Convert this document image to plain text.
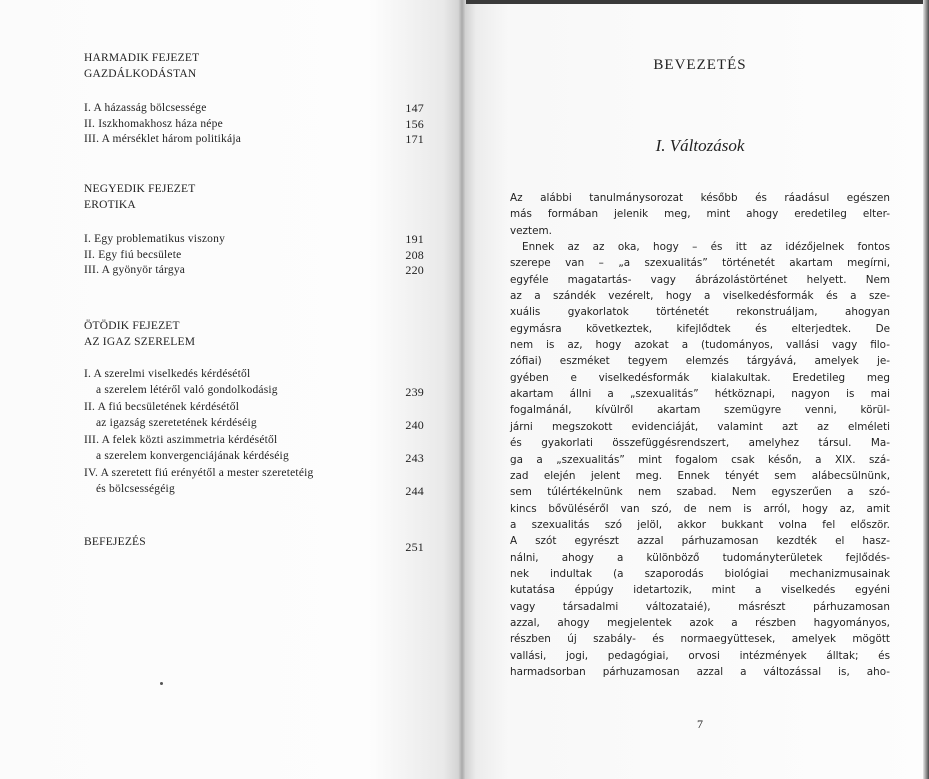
HARMADIK FEJEZET
GAZDÁLKODÁSTAN
I. A házasság bölcsessége	147
II. Iszkhomakhosz háza népe	156
III. A mérséklet három politikája	171
NEGYEDIK FEJEZET
EROTIKA
I. Egy problematikus viszony	191
II. Egy fiú becsülete	208
III. A gyönyör tárgya	220
ÖTÖDIK FEJEZET
AZ IGAZ SZERELEM
I. A szerelmi viselkedés kérdésétől
a szerelem létéről való gondolkodásig	239
II. A fiú becsületének kérdésétől
az igazság szeretetének kérdéséig	240
III. A felek közti aszimmetria kérdésétől
a szerelem konvergenciájának kérdéséig	243
IV. A szeretett fiú erényétől a mester szeretetéig
és bölcsességéig	244
BEFEJEZÉS	251
BEVEZETÉS
I. Változások
Az alábbi tanulmánysorozat később és ráadásul egészen
más formában jelenik meg, mint ahogy eredetileg elter-
veztem.
Ennek az az oka, hogy – és itt az idézőjelnek fontos
szerepe van – „a szexualitás” történetét akartam megírni,
egyféle magatartás- vagy ábrázolástörténet helyett. Nem
az a szándék vezérelt, hogy a viselkedésformák és a sze-
xuális gyakorlatok történetét rekonstruáljam, ahogyan
egymásra következtek, kifejlődtek és elterjedtek. De
nem is az, hogy azokat a (tudományos, vallási vagy filo-
zófiai) eszméket tegyem elemzés tárgyává, amelyek je-
gyében e viselkedésformák kialakultak. Eredetileg meg
akartam állni a „szexualitás” hétköznapi, nagyon is mai
fogalmánál, kívülről akartam szemügyre venni, körül-
járni megszokott evidenciáját, valamint azt az elméleti
és gyakorlati összefüggésrendszert, amelyhez társul. Ma-
ga a „szexualitás” mint fogalom csak későn, a XIX. szá-
zad elején jelent meg. Ennek tényét sem alábecsülnünk,
sem túlértékelnünk nem szabad. Nem egyszerűen a szó-
kincs bővüléséről van szó, de nem is arról, hogy az, amit
a szexualitás szó jelöl, akkor bukkant volna fel először.
A szót egyrészt azzal párhuzamosan kezdték el hasz-
nálni, ahogy a különböző tudományterületek fejlődés-
nek indultak (a szaporodás biológiai mechanizmusainak
kutatása éppúgy idetartozik, mint a viselkedés egyéni
vagy társadalmi változataié), másrészt párhuzamosan
azzal, ahogy megjelentek azok a részben hagyományos,
részben új szabály- és normaegyüttesek, amelyek mögött
vallási, jogi, pedagógiai, orvosi intézmények álltak; és
harmadsorban párhuzamosan azzal a változással is, aho-
7
